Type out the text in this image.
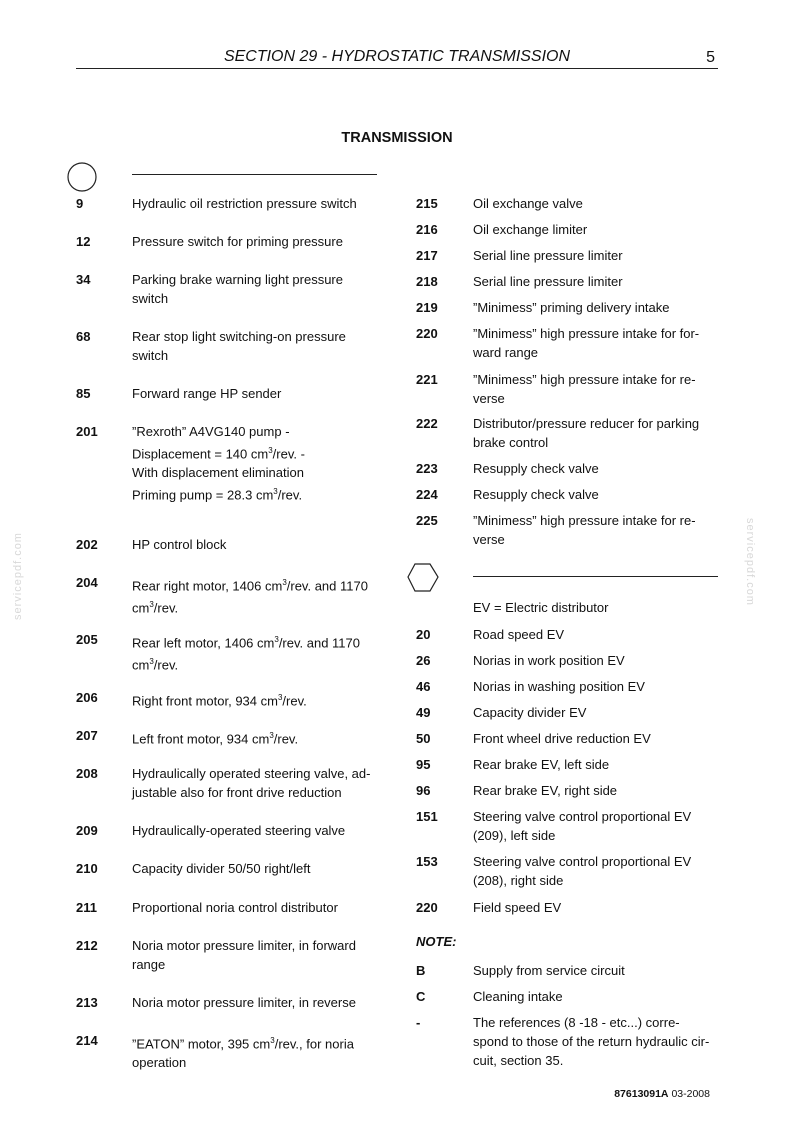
SECTION 29 - HYDROSTATIC TRANSMISSION	5
TRANSMISSION
9	Hydraulic oil restriction pressure switch
12	Pressure switch for priming pressure
34	Parking brake warning light pressure
switch
68	Rear stop light switching-on pressure
switch
85	Forward range HP sender
201	”Rexroth” A4VG140 pump -
Displacement = 140 $cm^3$/rev. -
With displacement elimination
Priming pump = 28.3 $cm^3$/rev.
202	HP control block
204	Rear right motor, 1406 $cm^3$/rev. and 1170
$cm^3$/rev.
205	Rear left motor, 1406 $cm^3$/rev. and 1170
$cm^3$/rev.
206	Right front motor, 934 $cm^3$/rev.
207	Left front motor, 934 $cm^3$/rev.
208	Hydraulically operated steering valve, ad-
justable also for front drive reduction
209	Hydraulically-operated steering valve
210	Capacity divider 50/50 right/left
211	Proportional noria control distributor
212	Noria motor pressure limiter, in forward
range
213	Noria motor pressure limiter, in reverse
214	”EATON” motor, 395 $cm^3$/rev., for noria
operation
215	Oil exchange valve
216	Oil exchange limiter
217	Serial line pressure limiter
218	Serial line pressure limiter
219	”Minimess” priming delivery intake
220	”Minimess” high pressure intake for for-
ward range
221	”Minimess” high pressure intake for re-
verse
222	Distributor/pressure reducer for parking
brake control
223	Resupply check valve
224	Resupply check valve
225	”Minimess” high pressure intake for re-
verse
EV = Electric distributor
20	Road speed EV
26	Norias in work position EV
46	Norias in washing position EV
49	Capacity divider EV
50	Front wheel drive reduction EV
95	Rear brake EV, left side
96	Rear brake EV, right side
151	Steering valve control proportional EV
(209), left side
153	Steering valve control proportional EV
(208), right side
220	Field speed EV
NOTE:
B	Supply from service circuit
C	Cleaning intake
-	The references (8 -18 - etc...) corre-
spond to those of the return hydraulic cir-
cuit, section 35.
87613091A 03-2008
servicepdf.com	servicepdf.com
